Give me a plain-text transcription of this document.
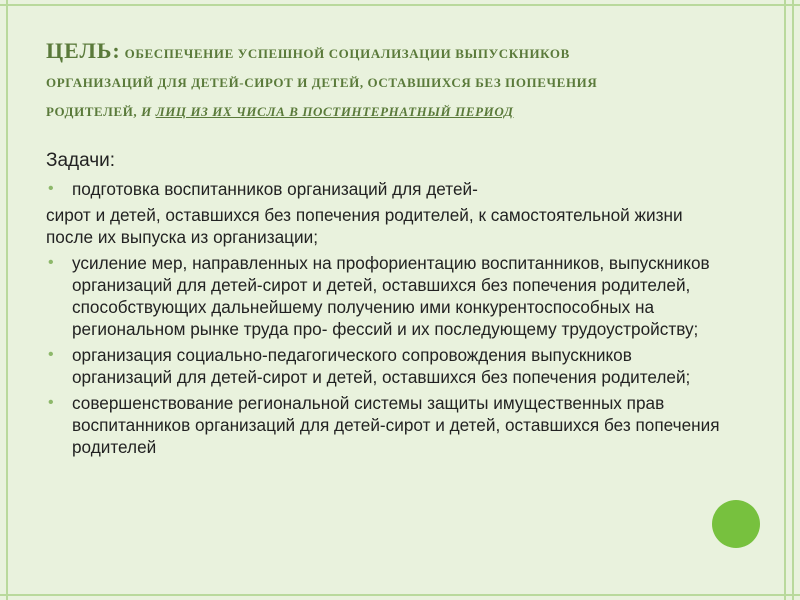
ЦЕЛЬ: ОБЕСПЕЧЕНИЕ УСПЕШНОЙ СОЦИАЛИЗАЦИИ ВЫПУСКНИКОВ
ОРГАНИЗАЦИЙ ДЛЯ ДЕТЕЙ-СИРОТ И ДЕТЕЙ, ОСТАВШИХСЯ БЕЗ ПОПЕЧЕНИЯ
РОДИТЕЛЕЙ, И ЛИЦ ИЗ ИХ ЧИСЛА В ПОСТИНТЕРНАТНЫЙ ПЕРИОД
Задачи:
• подготовка воспитанников организаций для детей-
сирот и детей, оставшихся без попечения родителей, к самостоятельной жизни после их выпуска из организации;
• усиление мер, направленных на профориентацию воспитанников, выпускников организаций для детей-сирот и детей, оставшихся без попечения родителей, способствующих дальнейшему получению ими конкурентоспособных на региональном рынке труда про- фессий и их последующему трудоустройству;
• организация социально-педагогического сопровождения выпускников организаций для детей-сирот и детей, оставшихся без попечения родителей;
• совершенствование региональной системы защиты имущественных прав воспитанников организаций для детей-сирот и детей, оставшихся без попечения родителей
